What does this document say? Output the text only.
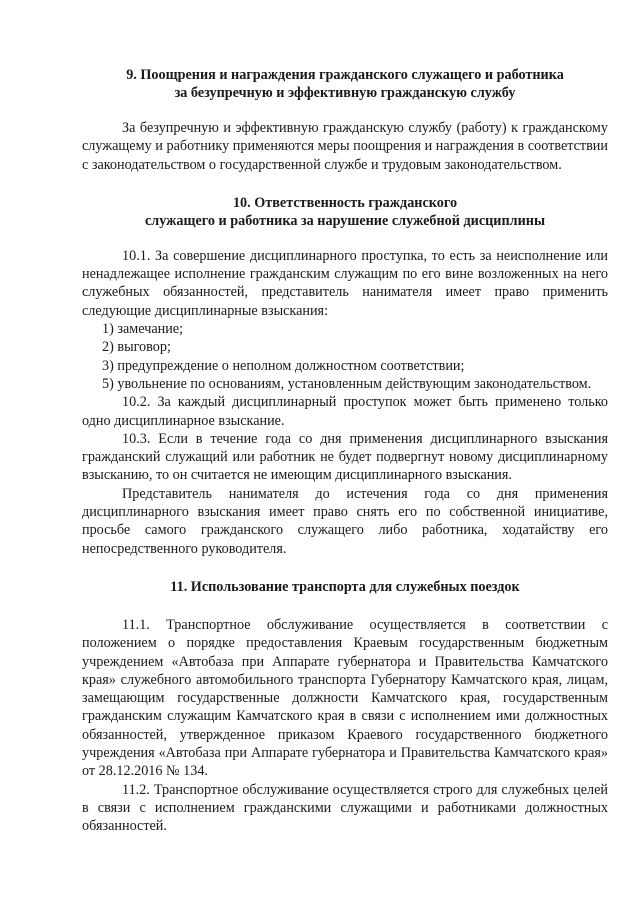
9. Поощрения и награждения гражданского служащего и работника
за безупречную и эффективную гражданскую службу

За безупречную и эффективную гражданскую службу (работу) к гражданскому служащему и работнику применяются меры поощрения и награждения в соответствии с законодательством о государственной службе и трудовым законодательством.

10. Ответственность гражданского
служащего и работника за нарушение служебной дисциплины

10.1. За совершение дисциплинарного проступка, то есть за неисполнение или ненадлежащее исполнение гражданским служащим по его вине возложенных на него служебных обязанностей, представитель нанимателя имеет право применить следующие дисциплинарные взыскания:

1) замечание;
2) выговор;
3) предупреждение о неполном должностном соответствии;
5) увольнение по основаниям, установленным действующим законодательством.

10.2. За каждый дисциплинарный проступок может быть применено только одно дисциплинарное взыскание.

10.3. Если в течение года со дня применения дисциплинарного взыскания гражданский служащий или работник не будет подвергнут новому дисциплинарному взысканию, то он считается не имеющим дисциплинарного взыскания.

Представитель нанимателя до истечения года со дня применения дисциплинарного взыскания имеет право снять его по собственной инициативе, просьбе самого гражданского служащего либо работника, ходатайству его непосредственного руководителя.

11. Использование транспорта для служебных поездок

11.1. Транспортное обслуживание осуществляется в соответствии с положением о порядке предоставления Краевым государственным бюджетным учреждением «Автобаза при Аппарате губернатора и Правительства Камчатского края» служебного автомобильного транспорта Губернатору Камчатского края, лицам, замещающим государственные должности Камчатского края, государственным гражданским служащим Камчатского края в связи с исполнением ими должностных обязанностей, утвержденное приказом Краевого государственного бюджетного учреждения «Автобаза при Аппарате губернатора и Правительства Камчатского края» от 28.12.2016 № 134.

11.2. Транспортное обслуживание осуществляется строго для служебных целей в связи с исполнением гражданскими служащими и работниками должностных обязанностей.
